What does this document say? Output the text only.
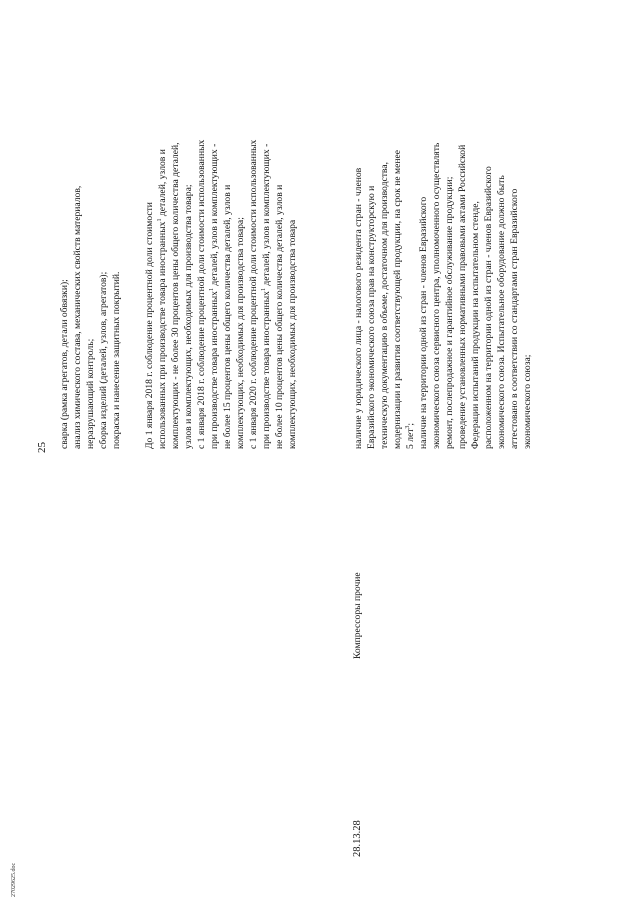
25 сварка (рамка агрегатов, детали обвязки); анализ химического состава, механических свойств материалов, неразрушающий контроль; сборка изделий (деталей, узлов, агрегатов); покраска и нанесение защитных покрытий. До 1 января 2018 г. соблюдение процентной доли стоимости использованных при производстве товара иностранных$^1$ деталей, узлов и комплектующих - не более 30 процентов цены общего количества деталей, узлов и комплектующих, необходимых для производства товара; с 1 января 2018 г. соблюдение процентной доли стоимости использованных при производстве товара иностранных$^1$ деталей, узлов и комплектующих - не более 15 процентов цены общего количества деталей, узлов и комплектующих, необходимых для производства товара; с 1 января 2020 г. соблюдение процентной доли стоимости использованных при производстве товара иностранных$^1$ деталей, узлов и комплектующих - не более 10 процентов цены общего количества деталей, узлов и комплектующих, необходимых для производства товара
28.13.28
Компрессоры прочие
наличие у юридического лица - налогового резидента стран - членов Евразийского экономического союза прав на конструкторскую и техническую документацию в объеме, достаточном для производства, модернизации и развития соответствующей продукции, на срок не менее 5 лет$^3$; наличие на территории одной из стран - членов Евразийского экономического союза сервисного центра, уполномоченного осуществлять ремонт, послепродажное и гарантийное обслуживание продукции; проведение установленных нормативными правовыми актами Российской Федерации испытаний продукции на испытательном стенде, расположенном на территории одной из стран - членов Евразийского экономического союза. Испытательное оборудование должно быть аттестовано в соответствии со стандартами стран Евразийского экономического союза;
27029625.doc
